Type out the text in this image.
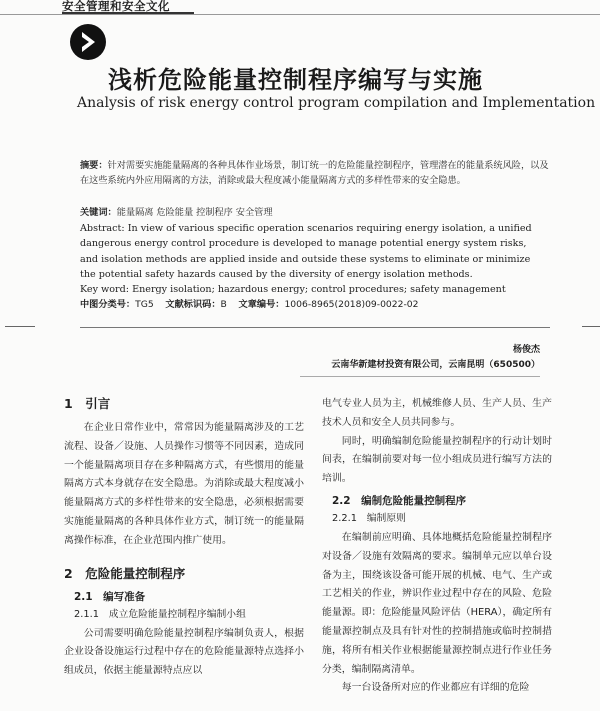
安全管理和安全文化
浅析危险能量控制程序编写与实施
Analysis of risk energy control program compilation and Implementation
摘要：针对需要实施能量隔离的各种具体作业场景，制订统一的危险能量控制程序，管理潜在的能量系统风险，以及在这些系统内外应用隔离的方法，消除或最大程度减小能量隔离方式的多样性带来的安全隐患。
关键词：能量隔离 危险能量 控制程序 安全管理
Abstract: In view of various specific operation scenarios requiring energy isolation, a unified dangerous energy control procedure is developed to manage potential energy system risks, and isolation methods are applied inside and outside these systems to eliminate or minimize the potential safety hazards caused by the diversity of energy isolation methods.
Key word: Energy isolation; hazardous energy; control procedures; safety management
中图分类号：TG5 文献标识码：B 文章编号：1006-8965(2018)09-0022-02
杨俊杰
云南华新建材投资有限公司，云南昆明（650500）
1　引言

在企业日常作业中，常常因为能量隔离涉及的工艺流程、设备／设施、人员操作习惯等不同因素，造成同一个能量隔离项目存在多种隔离方式，有些惯用的能量隔离方式本身就存在安全隐患。为消除或最大程度减小能量隔离方式的多样性带来的安全隐患，必须根据需要实施能量隔离的各种具体作业方式，制订统一的能量隔离操作标准，在企业范围内推广使用。

2　危险能量控制程序
2.1　编写准备
2.1.1　成立危险能量控制程序编制小组

公司需要明确危险能量控制程序编制负责人，根据企业设备设施运行过程中存在的危险能量源特点选择小组成员，依据主能量源特点应以

电气专业人员为主，机械维修人员、生产人员、生产技术人员和安全人员共同参与。

同时，明确编制危险能量控制程序的行动计划时间表，在编制前要对每一位小组成员进行编写方法的培训。

2.2　编制危险能量控制程序
2.2.1　编制原则

在编制前应明确、具体地概括危险能量控制程序对设备／设施有效隔离的要求。编制单元应以单台设备为主，围绕该设备可能开展的机械、电气、生产或工艺相关的作业，辨识作业过程中存在的风险、危险能量源。即：危险能量风险评估（HERA），确定所有能量源控制点及具有针对性的控制措施或临时控制措施，将所有相关作业根据能量源控制点进行作业任务分类，编制隔离清单。

每一台设备所对应的作业都应有详细的危险
